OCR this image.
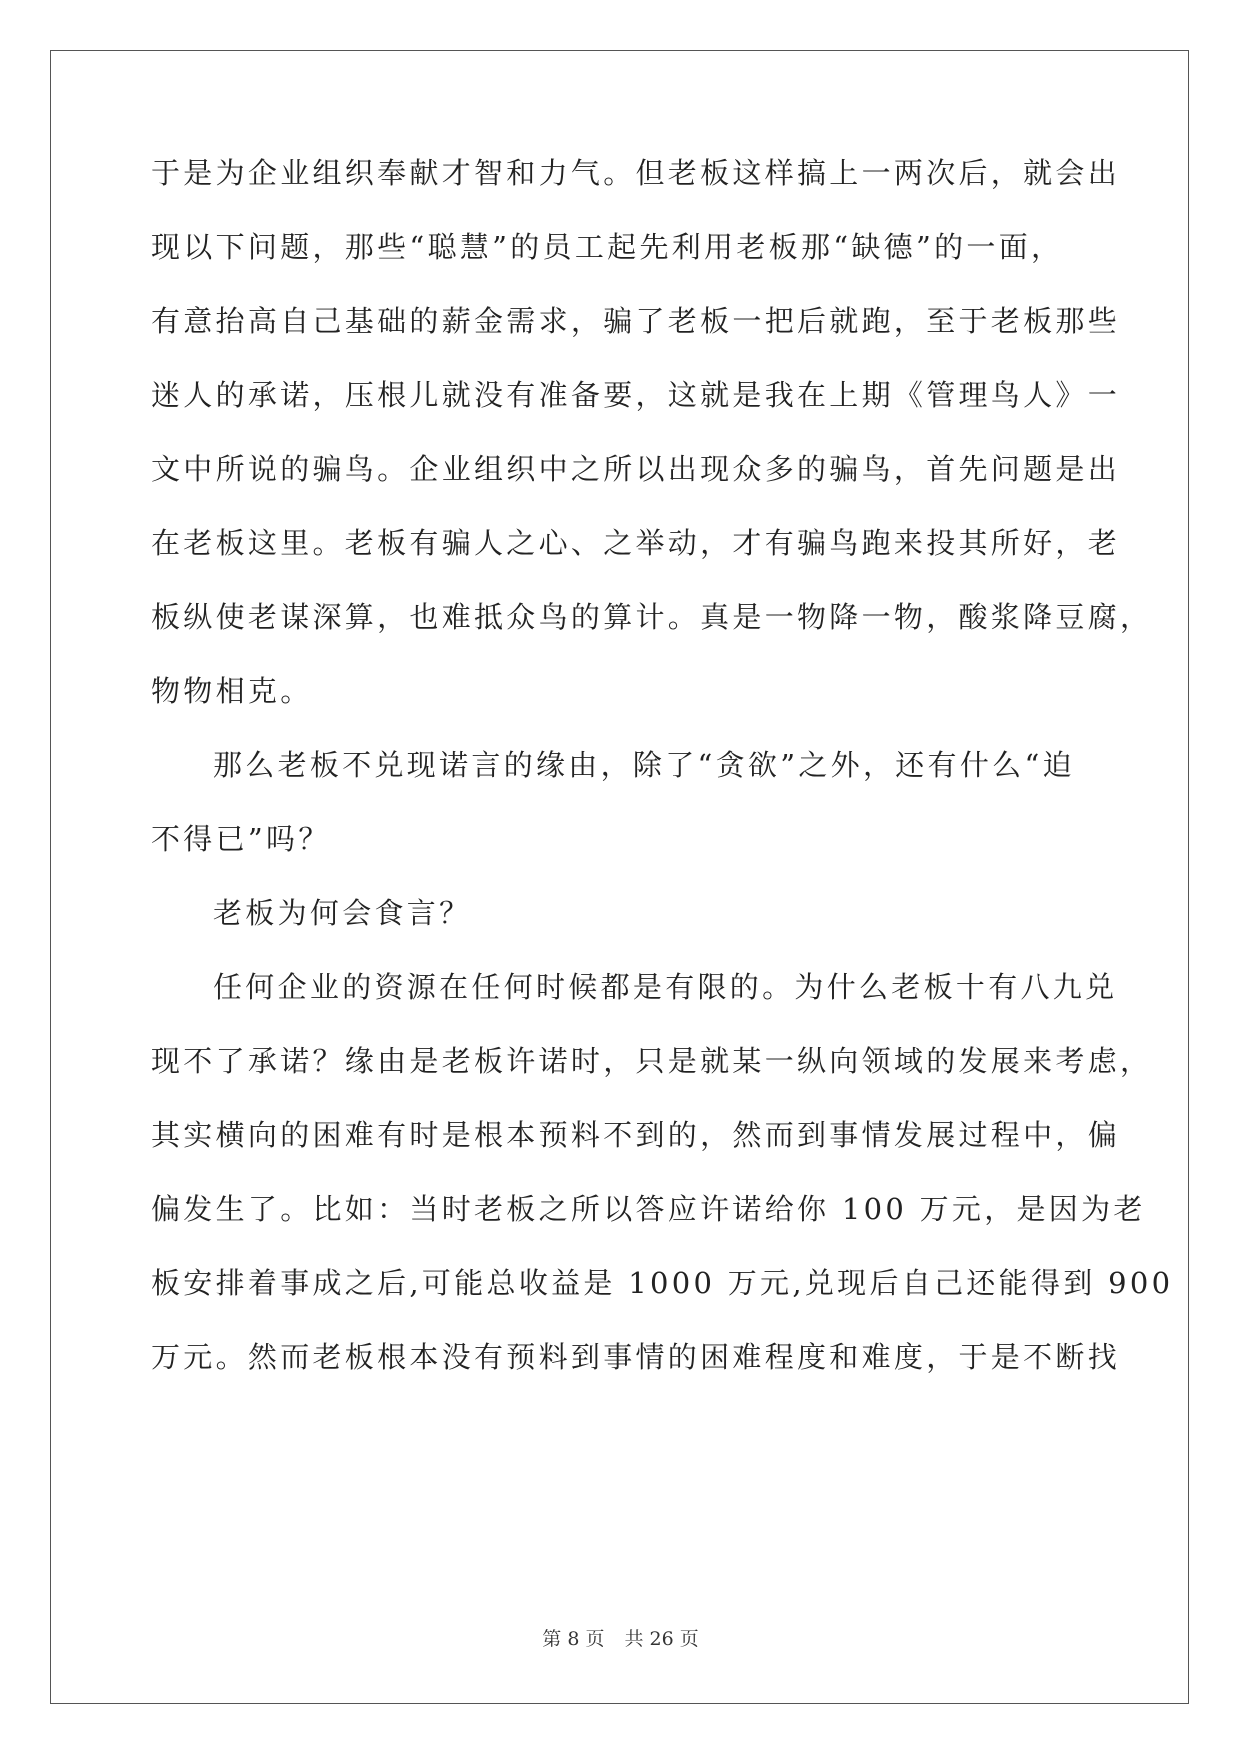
于是为企业组织奉献才智和力气。但老板这样搞上一两次后，就会出
现以下问题，那些“聪慧”的员工起先利用老板那“缺德”的一面，
有意抬高自己基础的薪金需求，骗了老板一把后就跑，至于老板那些
迷人的承诺，压根儿就没有准备要，这就是我在上期《管理鸟人》一
文中所说的骗鸟。企业组织中之所以出现众多的骗鸟，首先问题是出
在老板这里。老板有骗人之心、之举动，才有骗鸟跑来投其所好，老
板纵使老谋深算，也难抵众鸟的算计。真是一物降一物，酸浆降豆腐，
物物相克。
那么老板不兑现诺言的缘由，除了“贪欲”之外，还有什么“迫
不得已”吗？
老板为何会食言？
任何企业的资源在任何时候都是有限的。为什么老板十有八九兑
现不了承诺？缘由是老板许诺时，只是就某一纵向领域的发展来考虑，
其实横向的困难有时是根本预料不到的，然而到事情发展过程中，偏
偏发生了。比如：当时老板之所以答应许诺给你 100 万元，是因为老
板安排着事成之后,可能总收益是 1000 万元,兑现后自己还能得到 900
万元。然而老板根本没有预料到事情的困难程度和难度，于是不断找
第 8 页 共 26 页
